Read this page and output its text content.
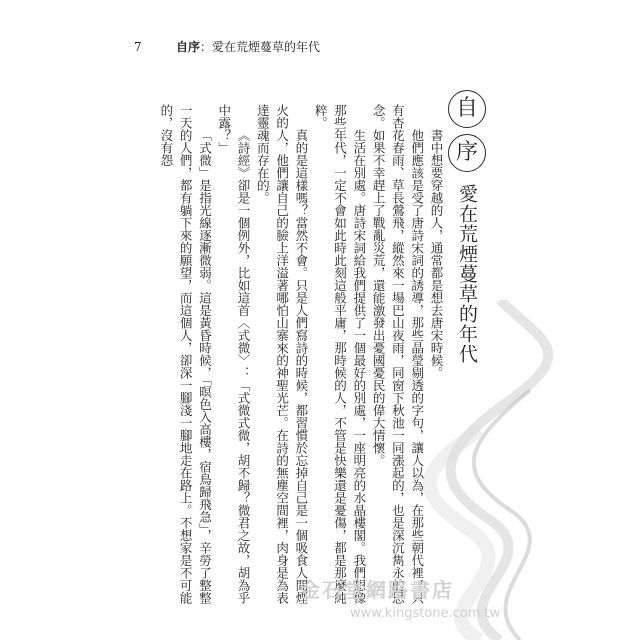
7	自序：愛在荒煙蔓草的年代
自
序
愛在荒煙蔓草的年代

書中想要穿越的人，通常都是想去唐宋時候。

他們應該是受了唐詩宋詞的誘導，那些晶瑩剔透的字句，讓人以為，在那些朝代裡，只有杏花春雨、草長鶯飛，縱然來一場巴山夜雨，同窗下秋池一同漲起的，也是深沉雋永的思念。如果不幸趕上了戰亂災荒，還能激發出憂國憂民的偉大情懷。

生活在別處。唐詩宋詞給我們提供了一個最好的別處，一座明亮的水晶樓閣。我們想像那些年代，一定不會如此時此刻這般平庸，那時候的人，不管是快樂還是憂傷，都是那麼純粹。

真的是這樣嗎？當然不會。只是人們寫詩的時候，都習慣於忘掉自己是一個吸食人間煙火的人，他們讓自己的臉上洋溢著哪怕山寨來的神聖光芒。在詩的無塵空間裡，肉身是為表達靈魂而存在的。

《詩經》卻是一個例外，比如這首〈式微〉：「式微式微，胡不歸？微君之故，胡為乎中露？」

「式微」是指光線逐漸微弱。這是黃昏時候，「暝色入高樓，宿鳥歸飛急」，辛勞了整整一天的人們，都有躺下來的願望，而這個人，卻深一腳淺一腳地走在路上。不想家是不可能的，沒有怨

金石堂網路書店
www.kingstone.com.tw
